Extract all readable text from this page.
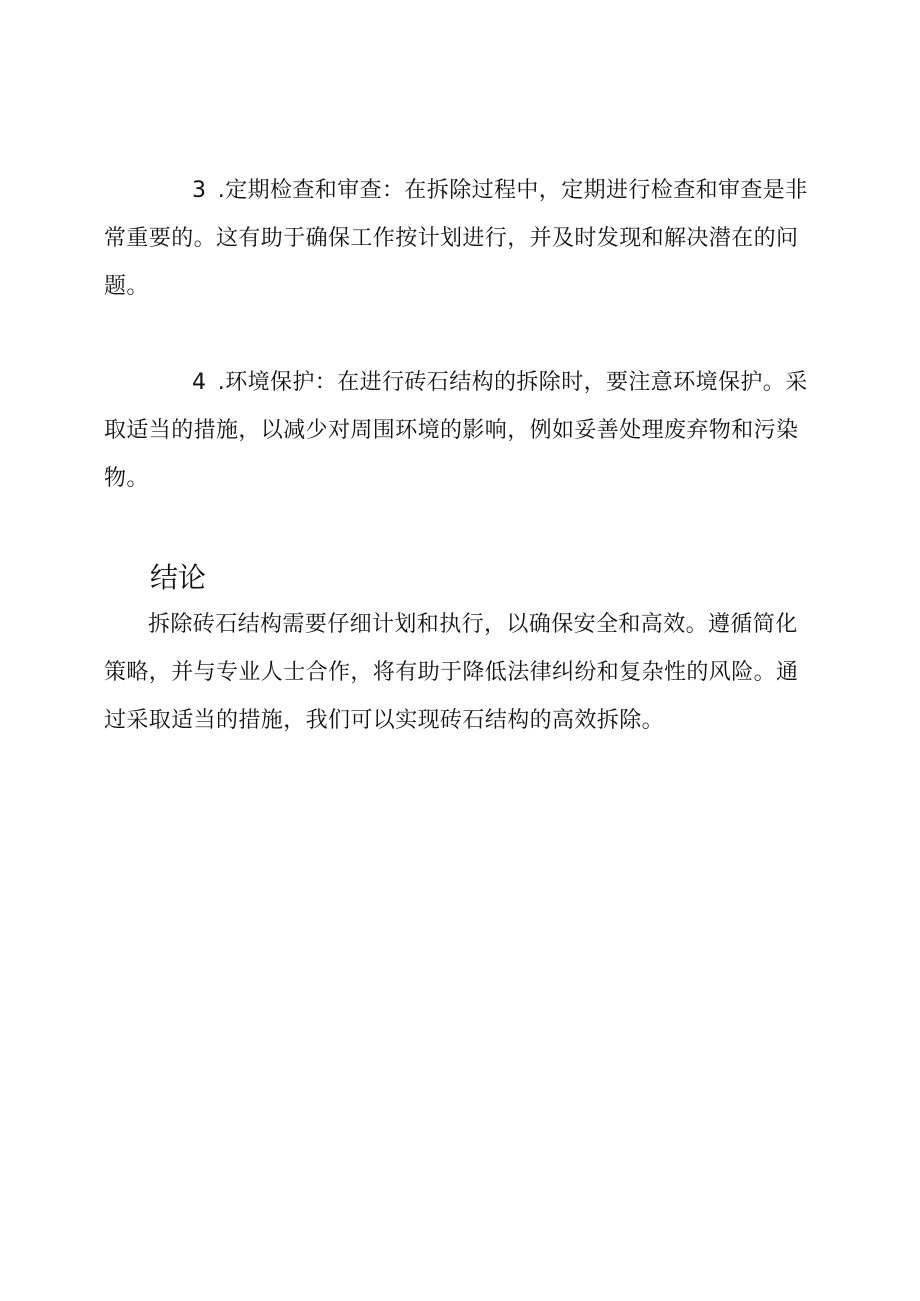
3 .定期检查和审查：在拆除过程中，定期进行检查和审查是非常重要的。这有助于确保工作按计划进行，并及时发现和解决潜在的问题。

4 .环境保护：在进行砖石结构的拆除时，要注意环境保护。采取适当的措施，以减少对周围环境的影响，例如妥善处理废弃物和污染物。

结论

拆除砖石结构需要仔细计划和执行，以确保安全和高效。遵循简化策略，并与专业人士合作，将有助于降低法律纠纷和复杂性的风险。通过采取适当的措施，我们可以实现砖石结构的高效拆除。
